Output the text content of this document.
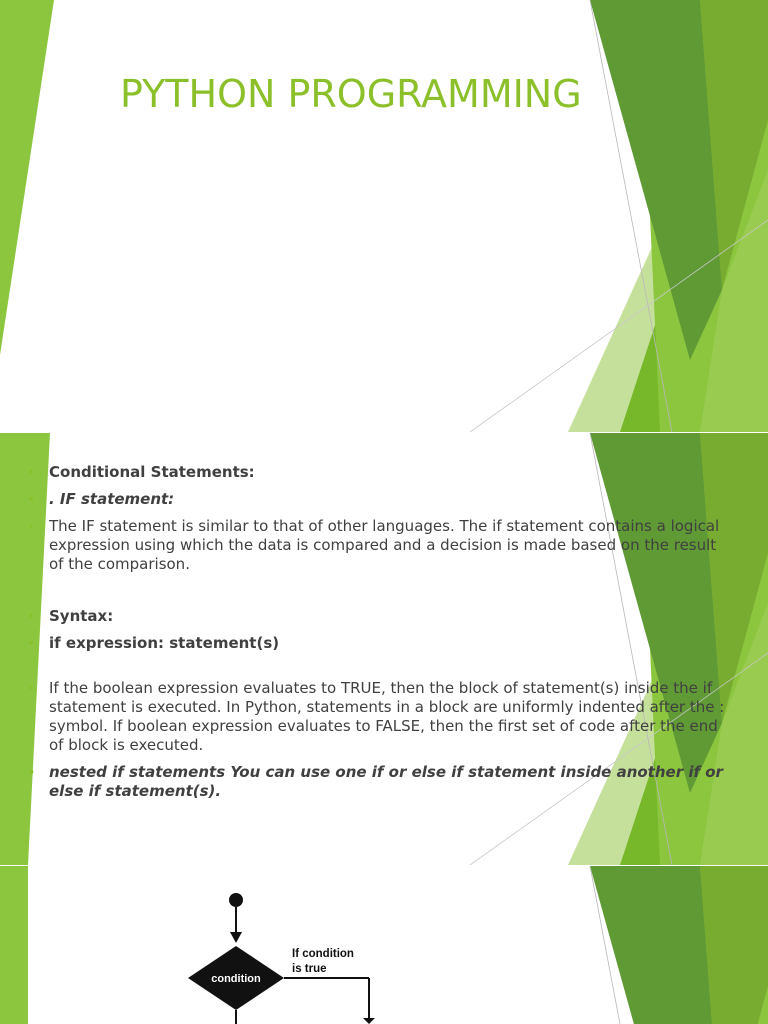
PYTHON PROGRAMMING
• Conditional Statements:
• . IF statement:
• The IF statement is similar to that of other languages. The if statement contains a logical expression using which the data is compared and a decision is made based on the result of the comparison.
• Syntax:
• if expression: statement(s)
• If the boolean expression evaluates to TRUE, then the block of statement(s) inside the if statement is executed. In Python, statements in a block are uniformly indented after the : symbol. If boolean expression evaluates to FALSE, then the first set of code after the end of block is executed.
• nested if statements You can use one if or else if statement inside another if or else if statement(s).
condition
If condition
is true
